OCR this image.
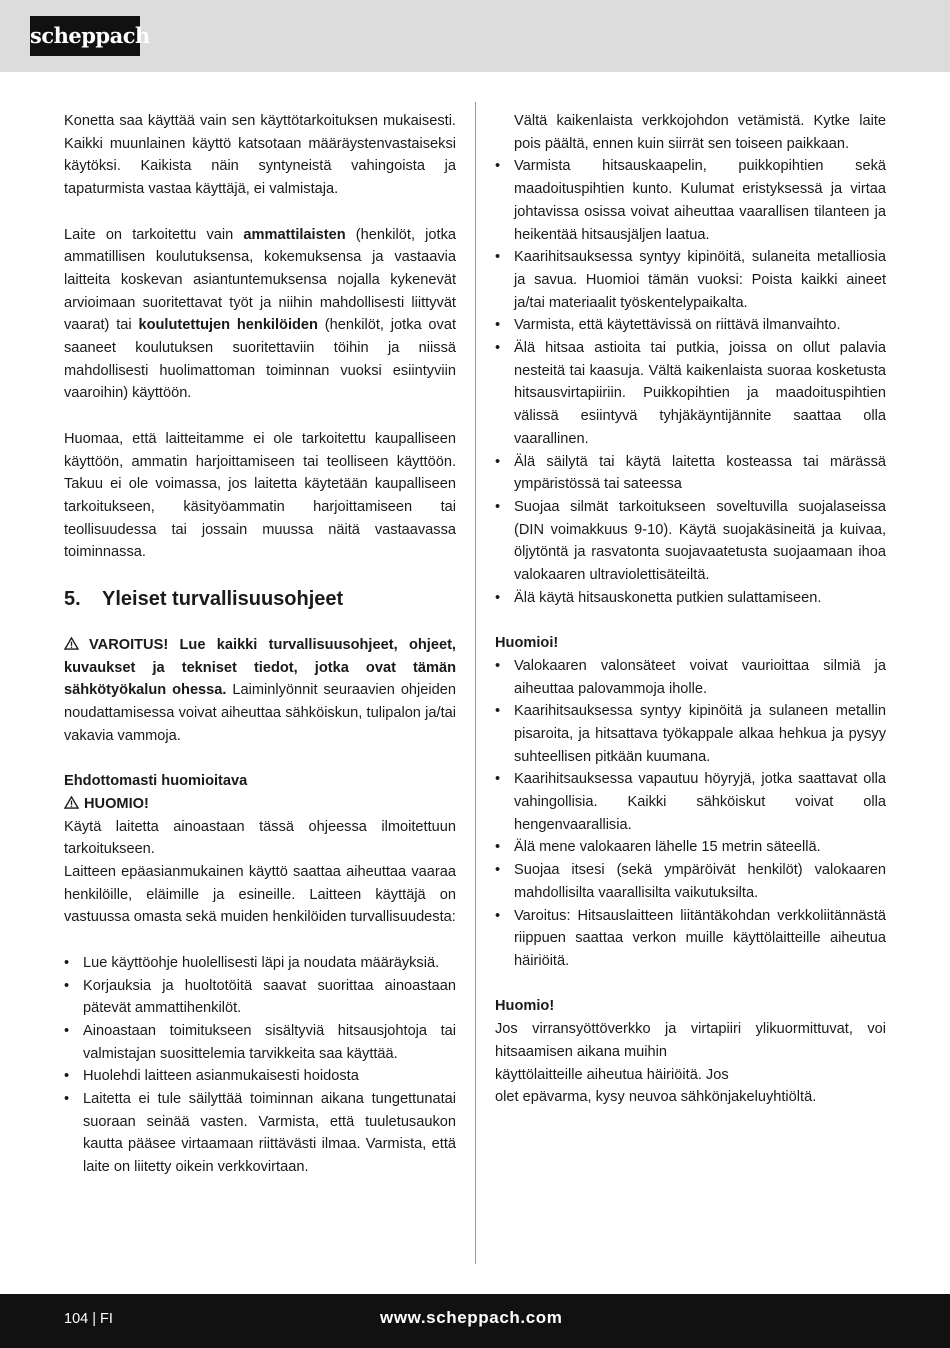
scheppach

Konetta saa käyttää vain sen käyttötarkoituksen mukaisesti. Kaikki muunlainen käyttö katsotaan määräystenvastaiseksi käytöksi. Kaikista näin syntyneistä vahingoista ja tapaturmista vastaa käyttäjä, ei valmistaja.

Laite on tarkoitettu vain ammattilaisten (henkilöt, jotka ammatillisen koulutuksensa, kokemuksensa ja vastaavia laitteita koskevan asiantuntemuksensa nojalla kykenevät arvioimaan suoritettavat työt ja niihin mahdollisesti liittyvät vaarat) tai koulutettujen henkilöiden (henkilöt, jotka ovat saaneet koulutuksen suoritettaviin töihin ja niissä mahdollisesti huolimattoman toiminnan vuoksi esiintyviin vaaroihin) käyttöön.

Huomaa, että laitteitamme ei ole tarkoitettu kaupalliseen käyttöön, ammatin harjoittamiseen tai teolliseen käyttöön. Takuu ei ole voimassa, jos laitetta käytetään kaupalliseen tarkoitukseen, käsityöammatin harjoittamiseen tai teollisuudessa tai jossain muussa näitä vastaavassa toiminnassa.

5. Yleiset turvallisuusohjeet

VAROITUS! Lue kaikki turvallisuusohjeet, ohjeet, kuvaukset ja tekniset tiedot, jotka ovat tämän sähkötyökalun ohessa. Laiminlyönnit seuraavien ohjeiden noudattamisessa voivat aiheuttaa sähköiskun, tulipalon ja/tai vakavia vammoja.

Ehdottomasti huomioitava

HUOMIO!

Käytä laitetta ainoastaan tässä ohjeessa ilmoitettuun tarkoitukseen.

Laitteen epäasianmukainen käyttö saattaa aiheuttaa vaaraa henkilöille, eläimille ja esineille. Laitteen käyttäjä on vastuussa omasta sekä muiden henkilöiden turvallisuudesta:

• Lue käyttöohje huolellisesti läpi ja noudata määräyksiä.
• Korjauksia ja huoltotöitä saavat suorittaa ainoastaan pätevät ammattihenkilöt.
• Ainoastaan toimitukseen sisältyviä hitsausjohtoja tai valmistajan suosittelemia tarvikkeita saa käyttää.
• Huolehdi laitteen asianmukaisesti hoidosta
• Laitetta ei tule säilyttää toiminnan aikana tungettunatai suoraan seinää vasten. Varmista, että tuuletusaukon kautta pääsee virtaamaan riittävästi ilmaa. Varmista, että laite on liitetty oikein verkkovirtaan.

Vältä kaikenlaista verkkojohdon vetämistä. Kytke laite pois päältä, ennen kuin siirrät sen toiseen paikkaan.

• Varmista hitsauskaapelin, puikkopihtien sekä maadoituspihtien kunto. Kulumat eristyksessä ja virtaa johtavissa osissa voivat aiheuttaa vaarallisen tilanteen ja heikentää hitsausjäljen laatua.
• Kaarihitsauksessa syntyy kipinöitä, sulaneita metalliosia ja savua. Huomioi tämän vuoksi: Poista kaikki aineet ja/tai materiaalit työskentelypaikalta.
• Varmista, että käytettävissä on riittävä ilmanvaihto.
• Älä hitsaa astioita tai putkia, joissa on ollut palavia nesteitä tai kaasuja. Vältä kaikenlaista suoraa kosketusta hitsausvirtapiiriin. Puikkopihtien ja maadoituspihtien välissä esiintyvä tyhjäkäyntijännite saattaa olla vaarallinen.
• Älä säilytä tai käytä laitetta kosteassa tai märässä ympäristössä tai sateessa
• Suojaa silmät tarkoitukseen soveltuvilla suojalaseissa (DIN voimakkuus 9-10). Käytä suojakäsineitä ja kuivaa, öljytöntä ja rasvatonta suojavaatetusta suojaamaan ihoa valokaaren ultraviolettisäteiltä.
• Älä käytä hitsauskonetta putkien sulattamiseen.

Huomioi!

• Valokaaren valonsäteet voivat vaurioittaa silmiä ja aiheuttaa palovammoja iholle.
• Kaarihitsauksessa syntyy kipinöitä ja sulaneen metallin pisaroita, ja hitsattava työkappale alkaa hehkua ja pysyy suhteellisen pitkään kuumana.
• Kaarihitsauksessa vapautuu höyryjä, jotka saattavat olla vahingollisia. Kaikki sähköiskut voivat olla hengenvaarallisia.
• Älä mene valokaaren lähelle 15 metrin säteellä.
• Suojaa itsesi (sekä ympäröivät henkilöt) valokaaren mahdollisilta vaarallisilta vaikutuksilta.
• Varoitus: Hitsauslaitteen liitäntäkohdan verkkoliitännästä riippuen saattaa verkon muille käyttölaitteille aiheutua häiriöitä.

Huomio!

Jos virransyöttöverkko ja virtapiiri ylikuormittuvat, voi hitsaamisen aikana muihin

käyttölaitteille aiheutua häiriöitä. Jos

olet epävarma, kysy neuvoa sähkönjakeluyhtiöltä.

104 | FI	www.scheppach.com
